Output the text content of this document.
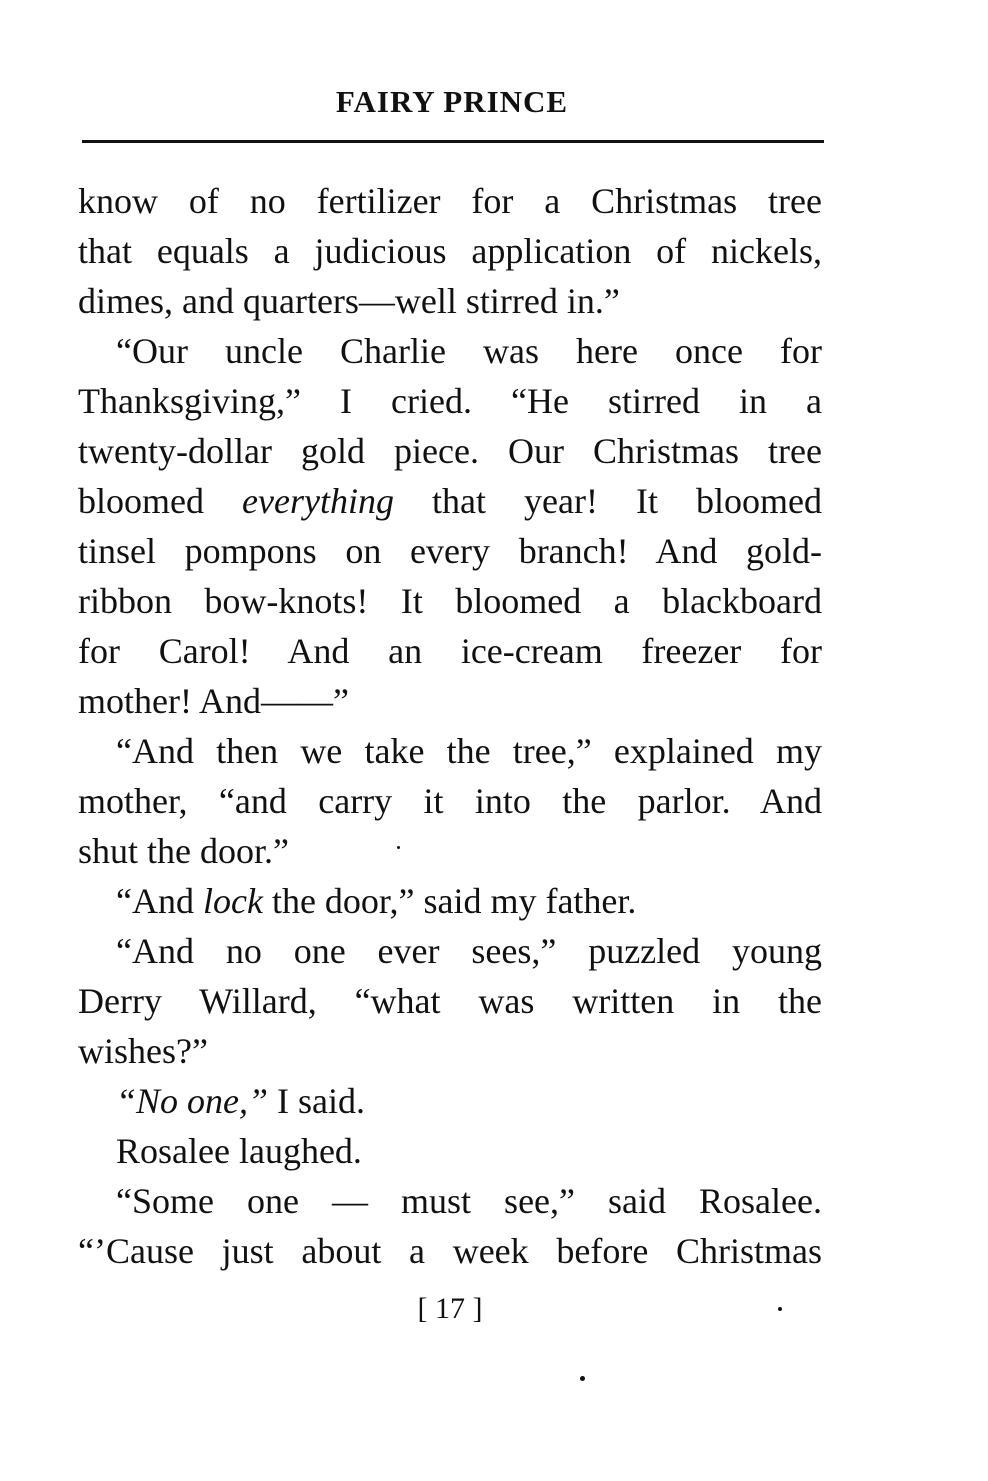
FAIRY PRINCE
know of no fertilizer for a Christmas tree
that equals a judicious application of nickels,
dimes, and quarters—well stirred in.”
“Our uncle Charlie was here once for
Thanksgiving,” I cried. “He stirred in a
twenty-dollar gold piece. Our Christmas tree
bloomed everything that year! It bloomed
tinsel pompons on every branch! And gold-
ribbon bow-knots! It bloomed a blackboard
for Carol! And an ice-cream freezer for
mother! And——”
“And then we take the tree,” explained my
mother, “and carry it into the parlor. And
shut the door.”
“And lock the door,” said my father.
“And no one ever sees,” puzzled young
Derry Willard, “what was written in the
wishes?”
“No one,” I said.
Rosalee laughed.
“Some one — must see,” said Rosalee.
“’Cause just about a week before Christmas
[ 17 ]
